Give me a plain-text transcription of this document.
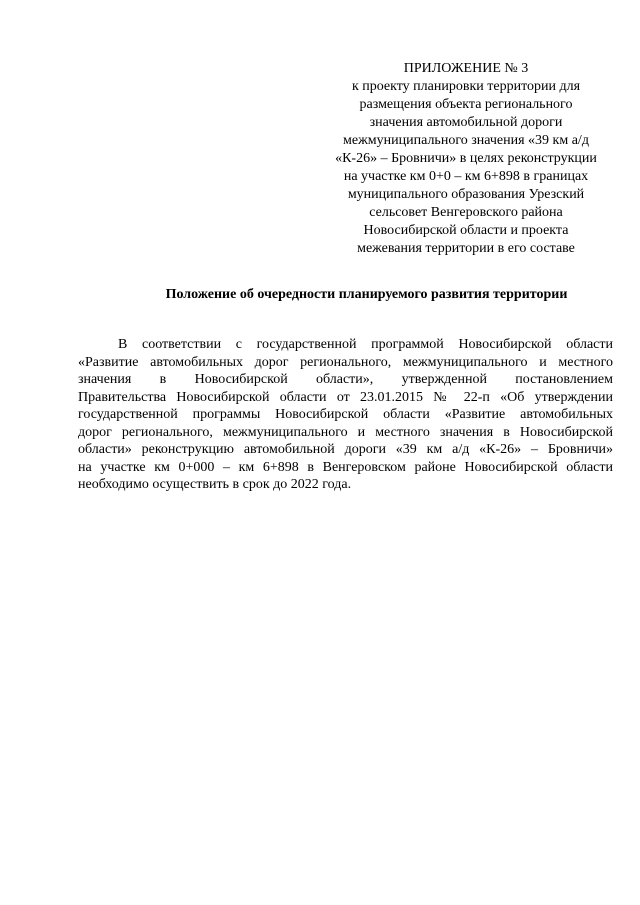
ПРИЛОЖЕНИЕ № 3
к проекту планировки территории для
размещения объекта регионального
значения автомобильной дороги
межмуниципального значения «39 км а/д
«К-26» – Бровничи» в целях реконструкции
на участке км 0+0 – км 6+898 в границах
муниципального образования Урезский
сельсовет Венгеровского района
Новосибирской области и проекта
межевания территории в его составе
Положение об очередности планируемого развития территории
В соответствии с государственной программой Новосибирской области
«Развитие автомобильных дорог регионального, межмуниципального и местного
значения в Новосибирской области», утвержденной постановлением
Правительства Новосибирской области от 23.01.2015 № 22-п «Об утверждении
государственной программы Новосибирской области «Развитие автомобильных
дорог регионального, межмуниципального и местного значения в Новосибирской
области» реконструкцию автомобильной дороги «39 км а/д «К-26» – Бровничи»
на участке км 0+000 – км 6+898 в Венгеровском районе Новосибирской области
необходимо осуществить в срок до 2022 года.
